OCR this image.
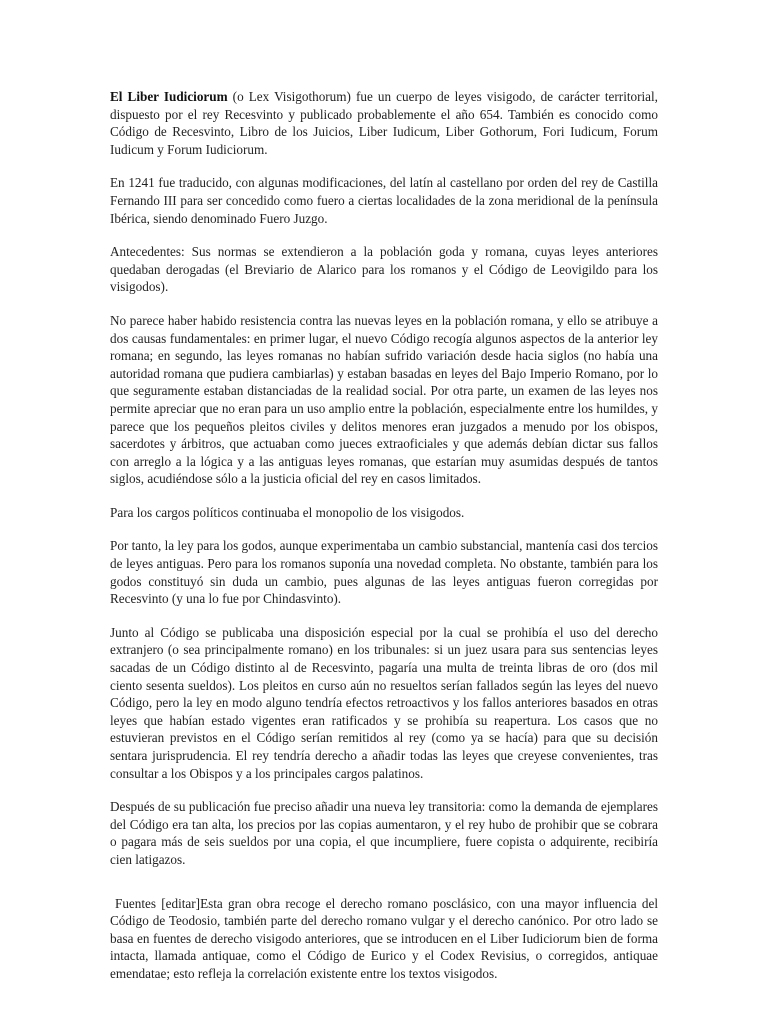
El Liber Iudiciorum (o Lex Visigothorum) fue un cuerpo de leyes visigodo, de carácter territorial, dispuesto por el rey Recesvinto y publicado probablemente el año 654. También es conocido como Código de Recesvinto, Libro de los Juicios, Liber Iudicum, Liber Gothorum, Fori Iudicum, Forum Iudicum y Forum Iudiciorum.

En 1241 fue traducido, con algunas modificaciones, del latín al castellano por orden del rey de Castilla Fernando III para ser concedido como fuero a ciertas localidades de la zona meridional de la península Ibérica, siendo denominado Fuero Juzgo.

Antecedentes: Sus normas se extendieron a la población goda y romana, cuyas leyes anteriores quedaban derogadas (el Breviario de Alarico para los romanos y el Código de Leovigildo para los visigodos).

No parece haber habido resistencia contra las nuevas leyes en la población romana, y ello se atribuye a dos causas fundamentales: en primer lugar, el nuevo Código recogía algunos aspectos de la anterior ley romana; en segundo, las leyes romanas no habían sufrido variación desde hacia siglos (no había una autoridad romana que pudiera cambiarlas) y estaban basadas en leyes del Bajo Imperio Romano, por lo que seguramente estaban distanciadas de la realidad social. Por otra parte, un examen de las leyes nos permite apreciar que no eran para un uso amplio entre la población, especialmente entre los humildes, y parece que los pequeños pleitos civiles y delitos menores eran juzgados a menudo por los obispos, sacerdotes y árbitros, que actuaban como jueces extraoficiales y que además debían dictar sus fallos con arreglo a la lógica y a las antiguas leyes romanas, que estarían muy asumidas después de tantos siglos, acudiéndose sólo a la justicia oficial del rey en casos limitados.

Para los cargos políticos continuaba el monopolio de los visigodos.

Por tanto, la ley para los godos, aunque experimentaba un cambio substancial, mantenía casi dos tercios de leyes antiguas. Pero para los romanos suponía una novedad completa. No obstante, también para los godos constituyó sin duda un cambio, pues algunas de las leyes antiguas fueron corregidas por Recesvinto (y una lo fue por Chindasvinto).

Junto al Código se publicaba una disposición especial por la cual se prohibía el uso del derecho extranjero (o sea principalmente romano) en los tribunales: si un juez usara para sus sentencias leyes sacadas de un Código distinto al de Recesvinto, pagaría una multa de treinta libras de oro (dos mil ciento sesenta sueldos). Los pleitos en curso aún no resueltos serían fallados según las leyes del nuevo Código, pero la ley en modo alguno tendría efectos retroactivos y los fallos anteriores basados en otras leyes que habían estado vigentes eran ratificados y se prohibía su reapertura. Los casos que no estuvieran previstos en el Código serían remitidos al rey (como ya se hacía) para que su decisión sentara jurisprudencia. El rey tendría derecho a añadir todas las leyes que creyese convenientes, tras consultar a los Obispos y a los principales cargos palatinos.

Después de su publicación fue preciso añadir una nueva ley transitoria: como la demanda de ejemplares del Código era tan alta, los precios por las copias aumentaron, y el rey hubo de prohibir que se cobrara o pagara más de seis sueldos por una copia, el que incumpliere, fuere copista o adquirente, recibiría cien latigazos.

Fuentes [editar]Esta gran obra recoge el derecho romano posclásico, con una mayor influencia del Código de Teodosio, también parte del derecho romano vulgar y el derecho canónico. Por otro lado se basa en fuentes de derecho visigodo anteriores, que se introducen en el Liber Iudiciorum bien de forma intacta, llamada antiquae, como el Código de Eurico y el Codex Revisius, o corregidos, antiquae emendatae; esto refleja la correlación existente entre los textos visigodos.
